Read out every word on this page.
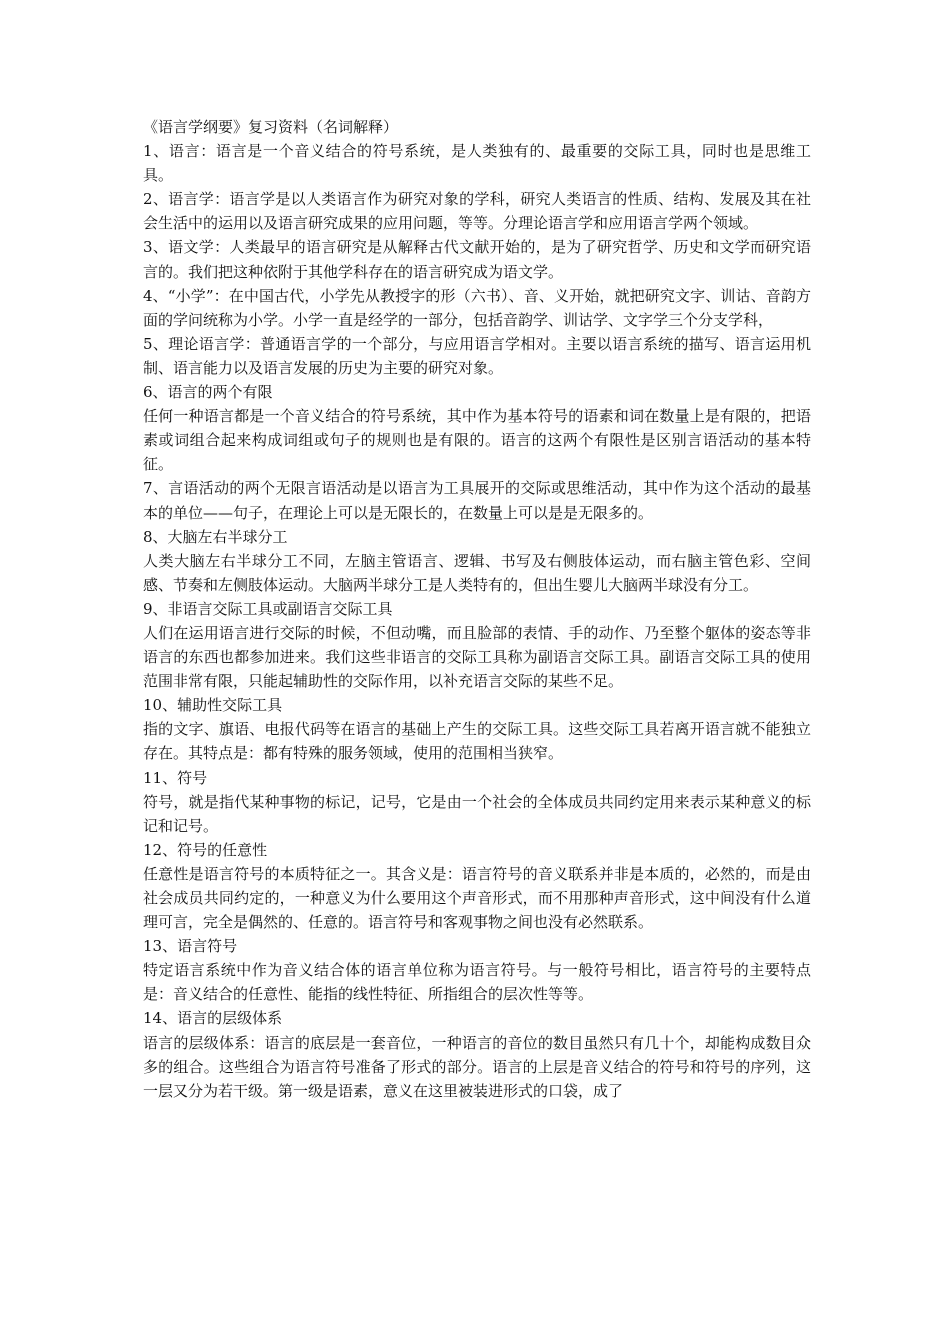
《语言学纲要》复习资料（名词解释）

1、语言：语言是一个音义结合的符号系统，是人类独有的、最重要的交际工具，同时也是思维工具。

2、语言学：语言学是以人类语言作为研究对象的学科，研究人类语言的性质、结构、发展及其在社会生活中的运用以及语言研究成果的应用问题，等等。分理论语言学和应用语言学两个领域。

3、语文学：人类最早的语言研究是从解释古代文献开始的，是为了研究哲学、历史和文学而研究语言的。我们把这种依附于其他学科存在的语言研究成为语文学。

4、“小学”：在中国古代，小学先从教授字的形（六书）、音、义开始，就把研究文字、训诂、音韵方面的学问统称为小学。小学一直是经学的一部分，包括音韵学、训诂学、文字学三个分支学科，

5、理论语言学：普通语言学的一个部分，与应用语言学相对。主要以语言系统的描写、语言运用机制、语言能力以及语言发展的历史为主要的研究对象。

6、语言的两个有限

任何一种语言都是一个音义结合的符号系统，其中作为基本符号的语素和词在数量上是有限的，把语素或词组合起来构成词组或句子的规则也是有限的。语言的这两个有限性是区别言语活动的基本特征。

7、言语活动的两个无限言语活动是以语言为工具展开的交际或思维活动，其中作为这个活动的最基本的单位——句子，在理论上可以是无限长的，在数量上可以是是无限多的。

8、大脑左右半球分工

人类大脑左右半球分工不同，左脑主管语言、逻辑、书写及右侧肢体运动，而右脑主管色彩、空间感、节奏和左侧肢体运动。大脑两半球分工是人类特有的，但出生婴儿大脑两半球没有分工。

9、非语言交际工具或副语言交际工具

人们在运用语言进行交际的时候，不但动嘴，而且脸部的表情、手的动作、乃至整个躯体的姿态等非语言的东西也都参加进来。我们这些非语言的交际工具称为副语言交际工具。副语言交际工具的使用范围非常有限，只能起辅助性的交际作用，以补充语言交际的某些不足。

10、辅助性交际工具

指的文字、旗语、电报代码等在语言的基础上产生的交际工具。这些交际工具若离开语言就不能独立存在。其特点是：都有特殊的服务领域，使用的范围相当狭窄。

11、符号

符号，就是指代某种事物的标记，记号，它是由一个社会的全体成员共同约定用来表示某种意义的标记和记号。

12、符号的任意性

任意性是语言符号的本质特征之一。其含义是：语言符号的音义联系并非是本质的，必然的，而是由社会成员共同约定的，一种意义为什么要用这个声音形式，而不用那种声音形式，这中间没有什么道理可言，完全是偶然的、任意的。语言符号和客观事物之间也没有必然联系。

13、语言符号

特定语言系统中作为音义结合体的语言单位称为语言符号。与一般符号相比，语言符号的主要特点是：音义结合的任意性、能指的线性特征、所指组合的层次性等等。

14、语言的层级体系

语言的层级体系：语言的底层是一套音位，一种语言的音位的数目虽然只有几十个，却能构成数目众多的组合。这些组合为语言符号准备了形式的部分。语言的上层是音义结合的符号和符号的序列，这一层又分为若干级。第一级是语素，意义在这里被装进形式的口袋，成了
